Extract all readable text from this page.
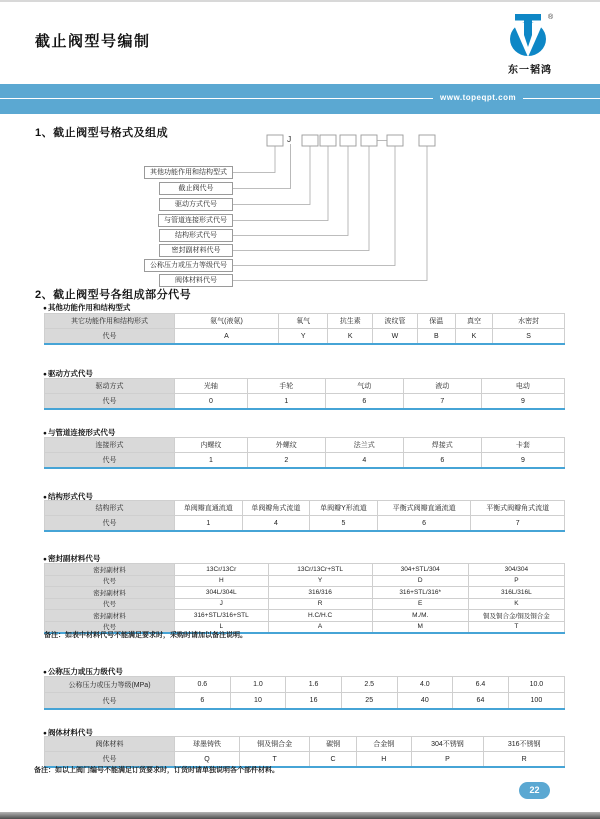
截止阀型号编制
®
东一韬鸿
www.topeqpt.com
1、截止阀型号格式及组成	J
其他功能作用和结构型式
截止阀代号
驱动方式代号
与管道连接形式代号
结构形式代号
密封副材料代号
公称压力或压力等级代号
阀体材料代号
2、截止阀型号各组成部分代号
●其他功能作用和结构型式
其它功能作用和结构形式	氨气(液氨)	氧气	抗生素	波纹管	保温	真空	水密封
代号	A	Y	K	W	B	K	S
●驱动方式代号
驱动方式	光轴	手轮	气动	液动	电动
代号	0	1	6	7	9
●与管道连接形式代号
连接形式	内螺纹	外螺纹	法兰式	焊接式	卡套
代号	1	2	4	6	9
●结构形式代号
结构形式	单阀瓣直通流道	单阀瓣角式流道	单阀瓣Y形流道	平衡式阀瓣直通流道	平衡式阀瓣角式流道
代号	1	4	5	6	7
●密封副材料代号
密封副材料	13Cr/13Cr	13Cr/13Cr+STL	304+STL/304	304/304
代号	H	Y	D	P
密封副材料	304L/304L	316/316	316+STL/316*	316L/316L
代号	J	R	E	K
密封副材料	316+STL/316+STL	H.C/H.C	M./M.	铜及铜合金/铜及铜合金
代号	L	A	M	T
备注：如表中材料代号不能满足要求时，采购时请加以备注说明。
●公称压力或压力级代号
公称压力或压力等级(MPa)	0.6	1.0	1.6	2.5	4.0	6.4	10.0
代号	6	10	16	25	40	64	100
●阀体材料代号
阀体材料	球墨铸铁	铜及铜合金	碳钢	合金钢	304不锈钢	316不锈钢
代号	Q	T	C	H	P	R
备注：如以上阀门编号不能满足订货要求时，订货时请单独说明各个部件材料。
22
